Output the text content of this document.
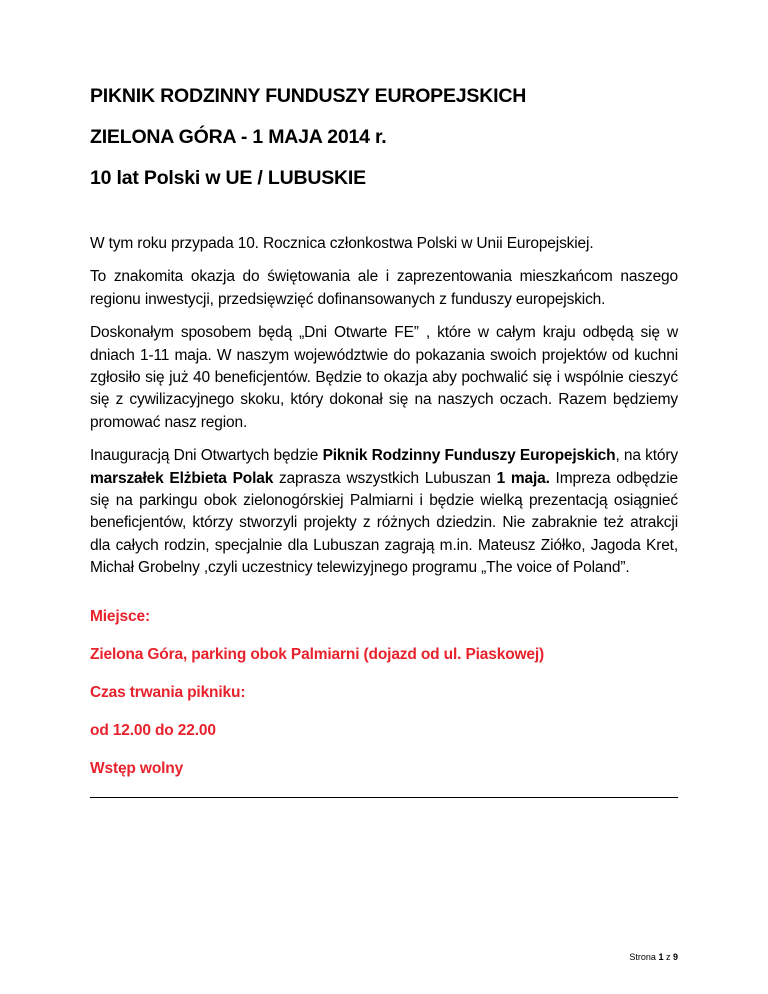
PIKNIK RODZINNY FUNDUSZY EUROPEJSKICH
ZIELONA GÓRA - 1 MAJA 2014 r.
10 lat Polski w UE / LUBUSKIE

W tym roku przypada 10. Rocznica członkostwa Polski w Unii Europejskiej.

To znakomita okazja do świętowania ale i zaprezentowania mieszkańcom naszego regionu inwestycji, przedsięwzięć dofinansowanych z funduszy europejskich.

Doskonałym sposobem będą „Dni Otwarte FE” , które w całym kraju odbędą się w dniach 1-11 maja. W naszym województwie do pokazania swoich projektów od kuchni zgłosiło się już 40 beneficjentów. Będzie to okazja aby pochwalić się i wspólnie cieszyć się z cywilizacyjnego skoku, który dokonał się na naszych oczach. Razem będziemy promować nasz region.

Inauguracją Dni Otwartych będzie Piknik Rodzinny Funduszy Europejskich, na który marszałek Elżbieta Polak zaprasza wszystkich Lubuszan 1 maja. Impreza odbędzie się na parkingu obok zielonogórskiej Palmiarni i będzie wielką prezentacją osiągnieć beneficjentów, którzy stworzyli projekty z różnych dziedzin. Nie zabraknie też atrakcji dla całych rodzin, specjalnie dla Lubuszan zagrają m.in. Mateusz Ziółko, Jagoda Kret, Michał Grobelny ,czyli uczestnicy telewizyjnego programu „The voice of Poland”.

Miejsce:
Zielona Góra, parking obok Palmiarni (dojazd od ul. Piaskowej)
Czas trwania pikniku:
od 12.00 do 22.00
Wstęp wolny
Strona 1 z 9
